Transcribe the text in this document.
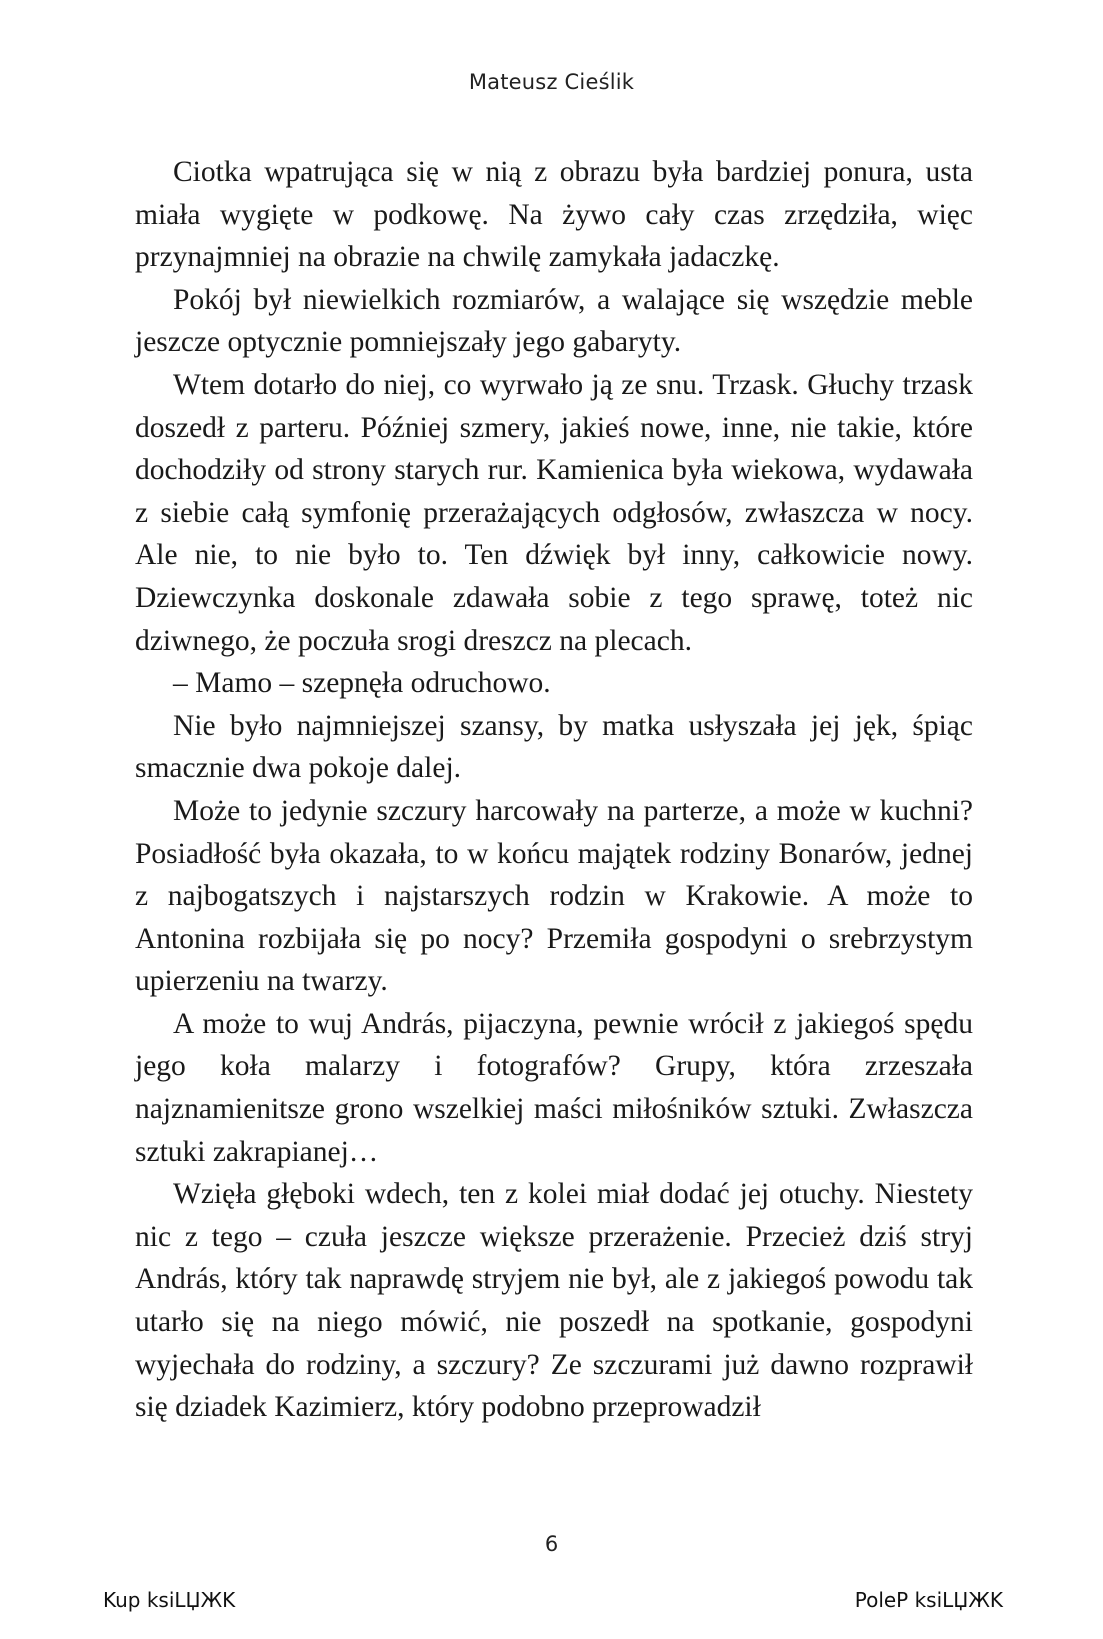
Mateusz Cieślik

Ciotka wpatrująca się w nią z obrazu była bardziej ponura, usta miała wygięte w podkowę. Na żywo cały czas zrzędziła, więc przynajmniej na obrazie na chwilę zamykała jadaczkę.

Pokój był niewielkich rozmiarów, a walające się wszędzie meble jeszcze optycznie pomniejszały jego gabaryty.

Wtem dotarło do niej, co wyrwało ją ze snu. Trzask. Głuchy trzask doszedł z parteru. Później szmery, jakieś nowe, inne, nie takie, które dochodziły od strony starych rur. Kamienica była wiekowa, wydawała z siebie całą symfonię przerażających odgłosów, zwłaszcza w nocy. Ale nie, to nie było to. Ten dźwięk był inny, całkowicie nowy. Dziewczynka doskonale zdawała sobie z tego sprawę, toteż nic dziwnego, że poczuła srogi dreszcz na plecach.

– Mamo – szepnęła odruchowo.

Nie było najmniejszej szansy, by matka usłyszała jej jęk, śpiąc smacznie dwa pokoje dalej.

Może to jedynie szczury harcowały na parterze, a może w kuchni? Posiadłość była okazała, to w końcu majątek rodziny Bonarów, jednej z najbogatszych i najstarszych rodzin w Krakowie. A może to Antonina rozbijała się po nocy? Przemiła gospodyni o srebrzystym upierzeniu na twarzy.

A może to wuj András, pijaczyna, pewnie wrócił z jakiegoś spędu jego koła malarzy i fotografów? Grupy, która zrzeszała najznamienitsze grono wszelkiej maści miłośników sztuki. Zwłaszcza sztuki zakrapianej…

Wzięła głęboki wdech, ten z kolei miał dodać jej otuchy. Niestety nic z tego – czuła jeszcze większe przerażenie. Przecież dziś stryj András, który tak naprawdę stryjem nie był, ale z jakiegoś powodu tak utarło się na niego mówić, nie poszedł na spotkanie, gospodyni wyjechała do rodziny, a szczury? Ze szczurami już dawno rozprawił się dziadek Kazimierz, który podobno przeprowadził

6
Kup ksiLЏЖK	PoleP ksiLЏЖK
